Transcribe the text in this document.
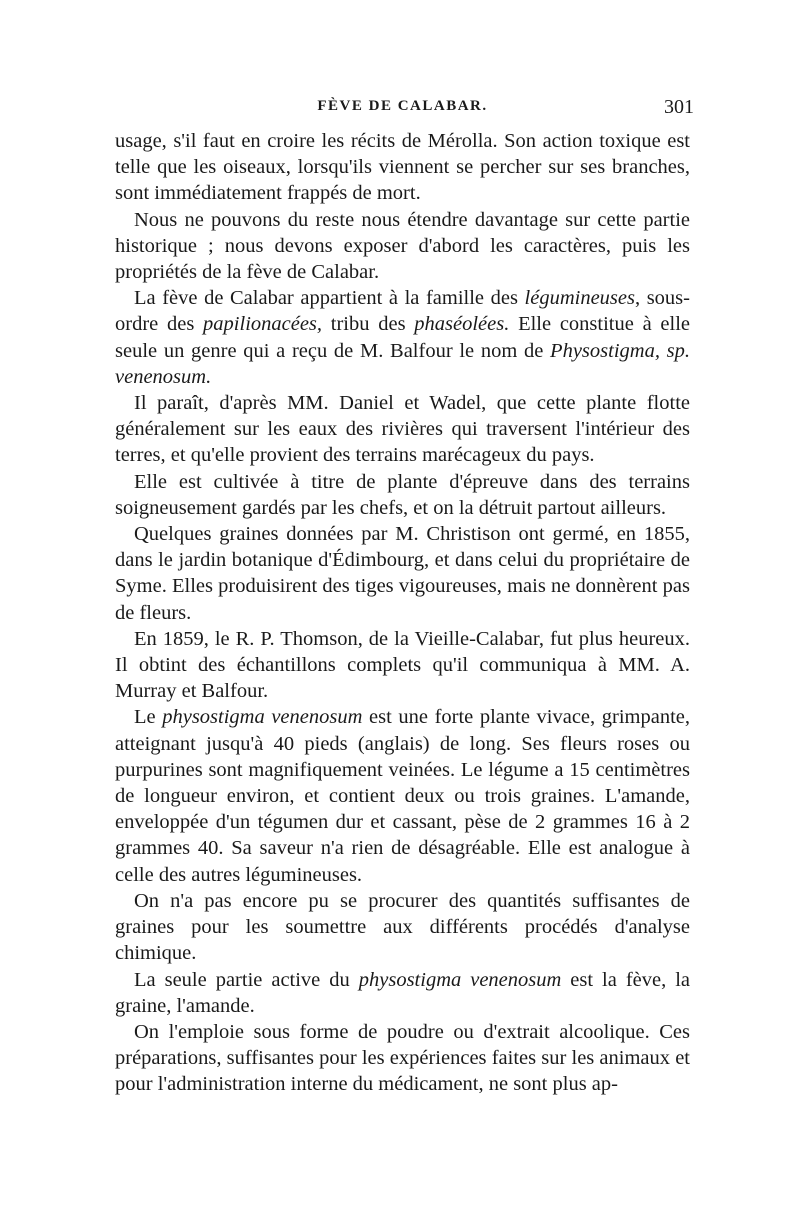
FÈVE DE CALABAR.	301

usage, s'il faut en croire les récits de Mérolla. Son action toxique est telle que les oiseaux, lorsqu'ils viennent se percher sur ses branches, sont immédiatement frappés de mort.

Nous ne pouvons du reste nous étendre davantage sur cette partie historique ; nous devons exposer d'abord les caractères, puis les propriétés de la fève de Calabar.

La fève de Calabar appartient à la famille des légumineuses, sous-ordre des papilionacées, tribu des phaséolées. Elle constitue à elle seule un genre qui a reçu de M. Balfour le nom de Physostigma, sp. venenosum.

Il paraît, d'après MM. Daniel et Wadel, que cette plante flotte généralement sur les eaux des rivières qui traversent l'intérieur des terres, et qu'elle provient des terrains marécageux du pays.

Elle est cultivée à titre de plante d'épreuve dans des terrains soigneusement gardés par les chefs, et on la détruit partout ailleurs.

Quelques graines données par M. Christison ont germé, en 1855, dans le jardin botanique d'Édimbourg, et dans celui du propriétaire de Syme. Elles produisirent des tiges vigoureuses, mais ne donnèrent pas de fleurs.

En 1859, le R. P. Thomson, de la Vieille-Calabar, fut plus heureux. Il obtint des échantillons complets qu'il communiqua à MM. A. Murray et Balfour.

Le physostigma venenosum est une forte plante vivace, grimpante, atteignant jusqu'à 40 pieds (anglais) de long. Ses fleurs roses ou purpurines sont magnifiquement veinées. Le légume a 15 centimètres de longueur environ, et contient deux ou trois graines. L'amande, enveloppée d'un tégumen dur et cassant, pèse de 2 grammes 16 à 2 grammes 40. Sa saveur n'a rien de désagréable. Elle est analogue à celle des autres légumineuses.

On n'a pas encore pu se procurer des quantités suffisantes de graines pour les soumettre aux différents procédés d'analyse chimique.

La seule partie active du physostigma venenosum est la fève, la graine, l'amande.

On l'emploie sous forme de poudre ou d'extrait alcoolique. Ces préparations, suffisantes pour les expériences faites sur les animaux et pour l'administration interne du médicament, ne sont plus ap-
